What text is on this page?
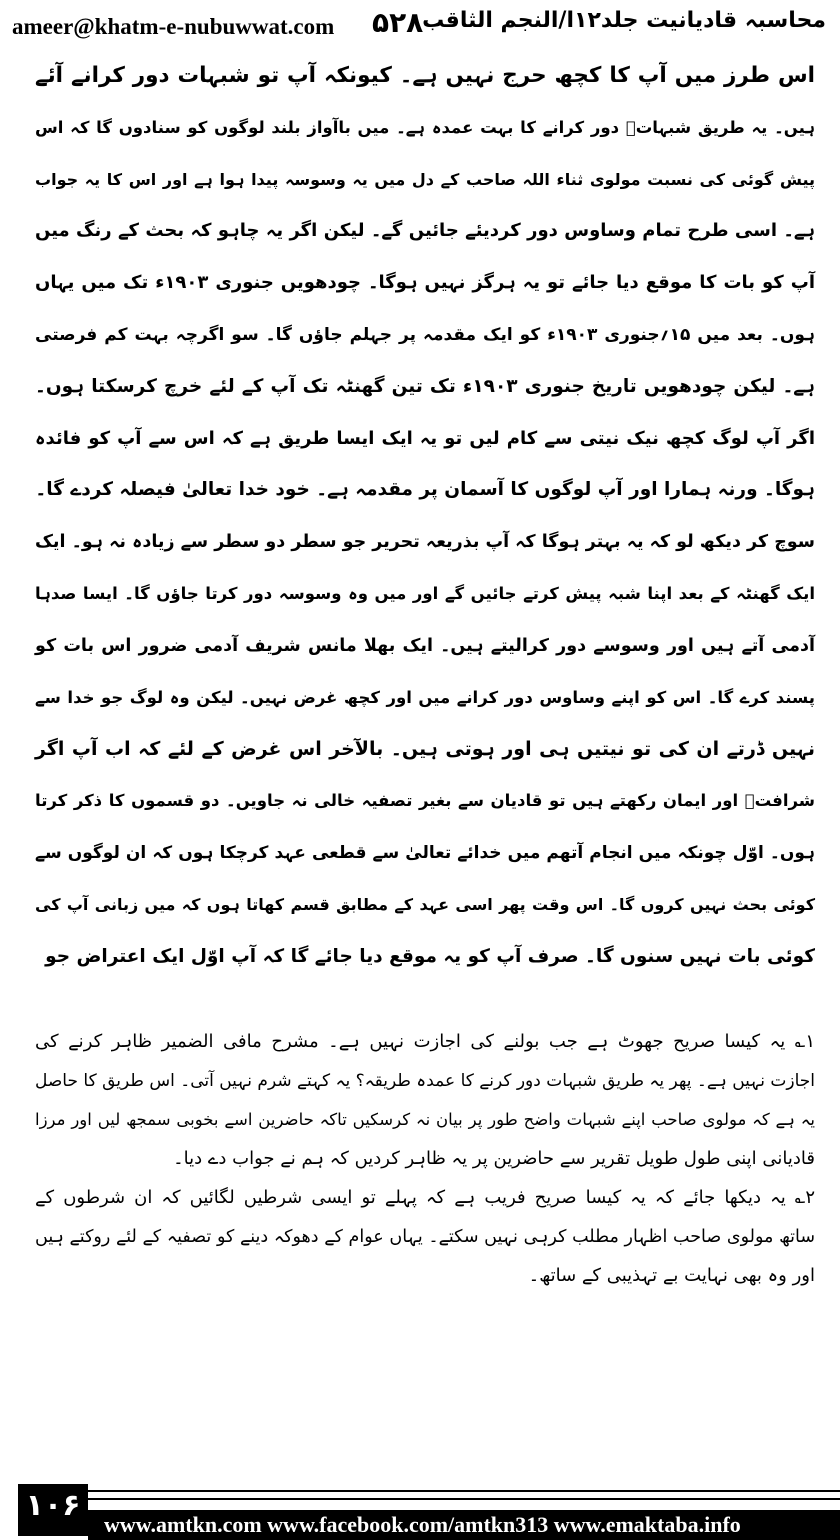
ameer@khatm-e-nubuwwat.com ۵۲۸
محاسبہ قادیانیت جلد۱۲ا/النجم الثاقب
اس طرز میں آپ کا کچھ حرج نہیں ہے۔ کیونکہ آپ تو شبہات دور کرانے آئے
ہیں۔ یہ طریق شبہاتؔ دور کرانے کا بہت عمدہ ہے۔ میں باآواز بلند لوگوں کو سنادوں گا کہ اس
پیش گوئی کی نسبت مولوی ثناء اللہ صاحب کے دل میں یہ وسوسہ پیدا ہوا ہے اور اس کا یہ جواب
ہے۔ اسی طرح تمام وساوس دور کردیئے جائیں گے۔ لیکن اگر یہ چاہو کہ بحث کے رنگ میں
آپ کو بات کا موقع دیا جائے تو یہ ہرگز نہیں ہوگا۔ چودھویں جنوری ۱۹۰۳ء تک میں یہاں
ہوں۔ بعد میں ۱۵؍جنوری ۱۹۰۳ء کو ایک مقدمہ پر جہلم جاؤں گا۔ سو اگرچہ بہت کم فرصتی
ہے۔ لیکن چودھویں تاریخ جنوری ۱۹۰۳ء تک تین گھنٹہ تک آپ کے لئے خرچ کرسکتا ہوں۔
اگر آپ لوگ کچھ نیک نیتی سے کام لیں تو یہ ایک ایسا طریق ہے کہ اس سے آپ کو فائدہ
ہوگا۔ ورنہ ہمارا اور آپ لوگوں کا آسمان پر مقدمہ ہے۔ خود خدا تعالیٰ فیصلہ کردے گا۔
سوچ کر دیکھ لو کہ یہ بہتر ہوگا کہ آپ بذریعہ تحریر جو سطر دو سطر سے زیادہ نہ ہو۔ ایک
ایک گھنٹہ کے بعد اپنا شبہ پیش کرتے جائیں گے اور میں وہ وسوسہ دور کرتا جاؤں گا۔ ایسا صدہا
آدمی آتے ہیں اور وسوسے دور کرالیتے ہیں۔ ایک بھلا مانس شریف آدمی ضرور اس بات کو
پسند کرے گا۔ اس کو اپنے وساوس دور کرانے میں اور کچھ غرض نہیں۔ لیکن وہ لوگ جو خدا سے
نہیں ڈرتے ان کی تو نیتیں ہی اور ہوتی ہیں۔ بالآخر اس غرض کے لئے کہ اب آپ اگر
شرافتؔ اور ایمان رکھتے ہیں تو قادیان سے بغیر تصفیہ خالی نہ جاویں۔ دو قسموں کا ذکر کرتا
ہوں۔ اوّل چونکہ میں انجام آتھم میں خدائے تعالیٰ سے قطعی عہد کرچکا ہوں کہ ان لوگوں سے
کوئی بحث نہیں کروں گا۔ اس وقت پھر اسی عہد کے مطابق قسم کھاتا ہوں کہ میں زبانی آپ کی
کوئی بات نہیں سنوں گا۔ صرف آپ کو یہ موقع دیا جائے گا کہ آپ اوّل ایک اعتراض جو
۱؎ یہ کیسا صریح جھوٹ ہے جب بولنے کی اجازت نہیں ہے۔ مشرح مافی الضمیر ظاہر کرنے کی
اجازت نہیں ہے۔ پھر یہ طریق شبہات دور کرنے کا عمدہ طریقہ؟ یہ کہتے شرم نہیں آتی۔ اس طریق کا حاصل
یہ ہے کہ مولوی صاحب اپنے شبہات واضح طور پر بیان نہ کرسکیں تاکہ حاضرین اسے بخوبی سمجھ لیں اور مرزا
قادیانی اپنی طول طویل تقریر سے حاضرین پر یہ ظاہر کردیں کہ ہم نے جواب دے دیا۔
۲؎ یہ دیکھا جائے کہ یہ کیسا صریح فریب ہے کہ پہلے تو ایسی شرطیں لگائیں کہ ان شرطوں کے
ساتھ مولوی صاحب اظہار مطلب کرہی نہیں سکتے۔ یہاں عوام کے دھوکہ دینے کو تصفیہ کے لئے روکتے ہیں
اور وہ بھی نہایت بے تہذیبی کے ساتھ۔
۱۰۶
www.amtkn.com www.facebook.com/amtkn313 www.emaktaba.info
